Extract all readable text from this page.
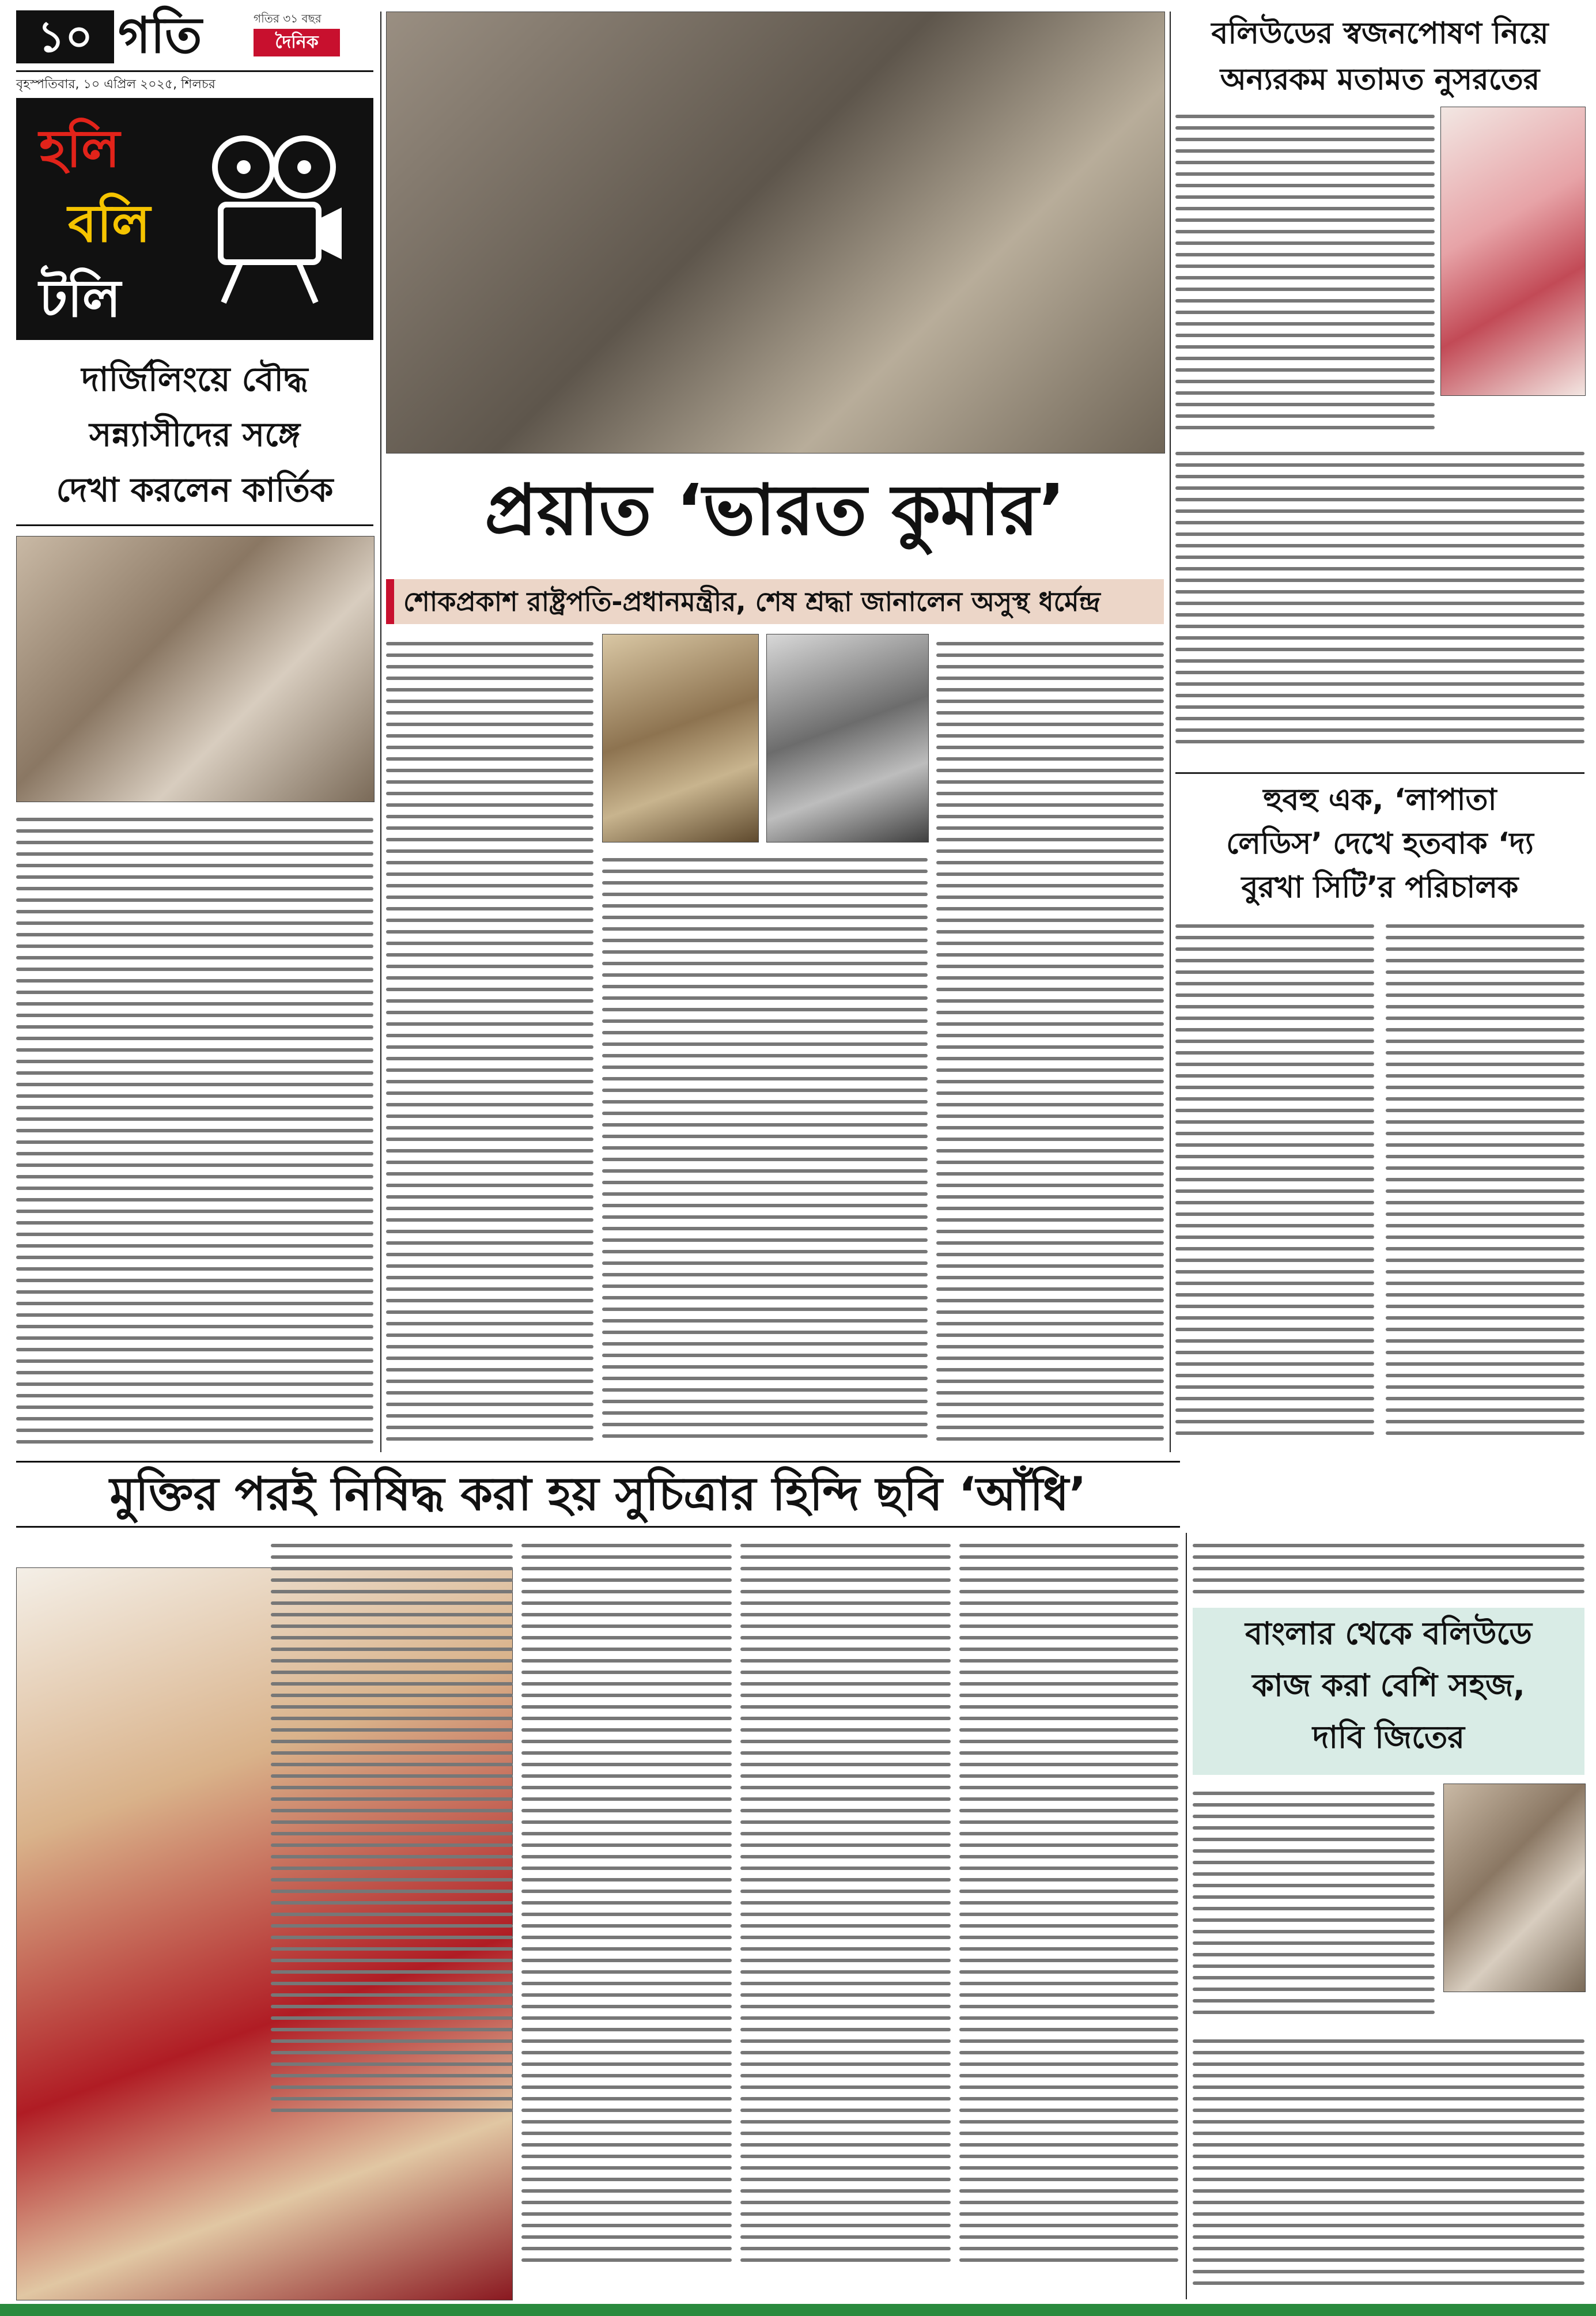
১০ গতি	গতির ৩১ বছর
দৈনিক
বৃহস্পতিবার, ১০ এপ্রিল ২০২৫, শিলচর
হলি
বলি
টলি
দার্জিলিংয়ে বৌদ্ধ
সন্ন্যাসীদের সঙ্গে
দেখা করলেন কার্তিক	প্রয়াত ‘ভারত কুমার’
শোকপ্রকাশ রাষ্ট্রপতি-প্রধানমন্ত্রীর, শেষ শ্রদ্ধা জানালেন অসুস্থ ধর্মেন্দ্র
বলিউডের স্বজনপোষণ নিয়ে
অন্যরকম মতামত নুসরতের
হুবহু এক, ‘লাপাতা
লেডিস’ দেখে হতবাক ‘দ্য
বুরখা সিটি’র পরিচালক
মুক্তির পরই নিষিদ্ধ করা হয় সুচিত্রার হিন্দি ছবি ‘আঁধি’
বাংলার থেকে বলিউডে
কাজ করা বেশি সহজ,
দাবি জিতের
